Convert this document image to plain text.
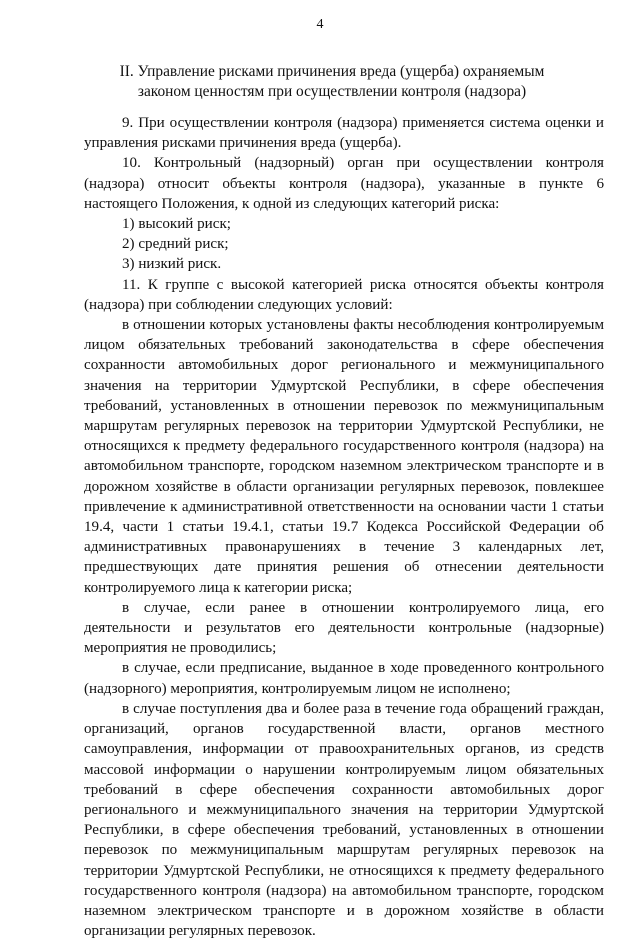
4
II. Управление рисками причинения вреда (ущерба) охраняемым законом ценностям при осуществлении контроля (надзора)

9. При осуществлении контроля (надзора) применяется система оценки и управления рисками причинения вреда (ущерба).

10. Контрольный (надзорный) орган при осуществлении контроля (надзора) относит объекты контроля (надзора), указанные в пункте 6 настоящего Положения, к одной из следующих категорий риска:

1) высокий риск;

2) средний риск;

3) низкий риск.

11. К группе с высокой категорией риска относятся объекты контроля (надзора) при соблюдении следующих условий:

в отношении которых установлены факты несоблюдения контролируемым лицом обязательных требований законодательства в сфере обеспечения сохранности автомобильных дорог регионального и межмуниципального значения на территории Удмуртской Республики, в сфере обеспечения требований, установленных в отношении перевозок по межмуниципальным маршрутам регулярных перевозок на территории Удмуртской Республики, не относящихся к предмету федерального государственного контроля (надзора) на автомобильном транспорте, городском наземном электрическом транспорте и в дорожном хозяйстве в области организации регулярных перевозок, повлекшее привлечение к административной ответственности на основании части 1 статьи 19.4, части 1 статьи 19.4.1, статьи 19.7 Кодекса Российской Федерации об административных правонарушениях в течение 3 календарных лет, предшествующих дате принятия решения об отнесении деятельности контролируемого лица к категории риска;

в случае, если ранее в отношении контролируемого лица, его деятельности и результатов его деятельности контрольные (надзорные) мероприятия не проводились;

в случае, если предписание, выданное в ходе проведенного контрольного (надзорного) мероприятия, контролируемым лицом не исполнено;

в случае поступления два и более раза в течение года обращений граждан, организаций, органов государственной власти, органов местного самоуправления, информации от правоохранительных органов, из средств массовой информации о нарушении контролируемым лицом обязательных требований в сфере обеспечения сохранности автомобильных дорог регионального и межмуниципального значения на территории Удмуртской Республики, в сфере обеспечения требований, установленных в отношении перевозок по межмуниципальным маршрутам регулярных перевозок на территории Удмуртской Республики, не относящихся к предмету федерального государственного контроля (надзора) на автомобильном транспорте, городском наземном электрическом транспорте и в дорожном хозяйстве в области организации регулярных перевозок.
